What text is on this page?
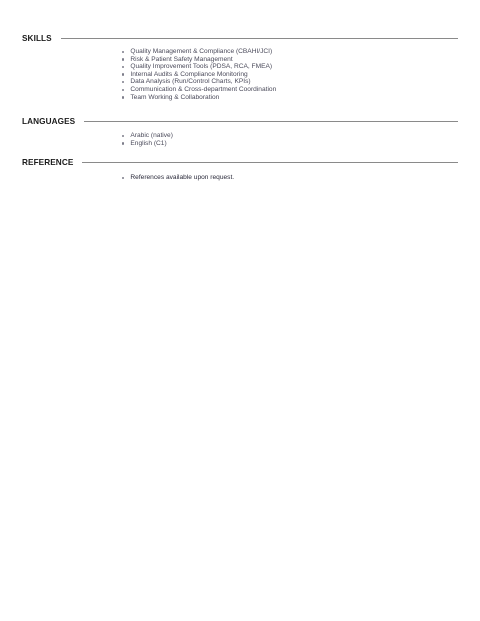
SKILLS
Quality Management & Compliance (CBAHI/JCI)
Risk & Patient Safety Management
Quality Improvement Tools (PDSA, RCA, FMEA)
Internal Audits & Compliance Monitoring
Data Analysis (Run/Control Charts, KPIs)
Communication & Cross-department Coordination
Team Working & Collaboration
LANGUAGES
Arabic (native)
English (C1)
REFERENCE
References available upon request.
